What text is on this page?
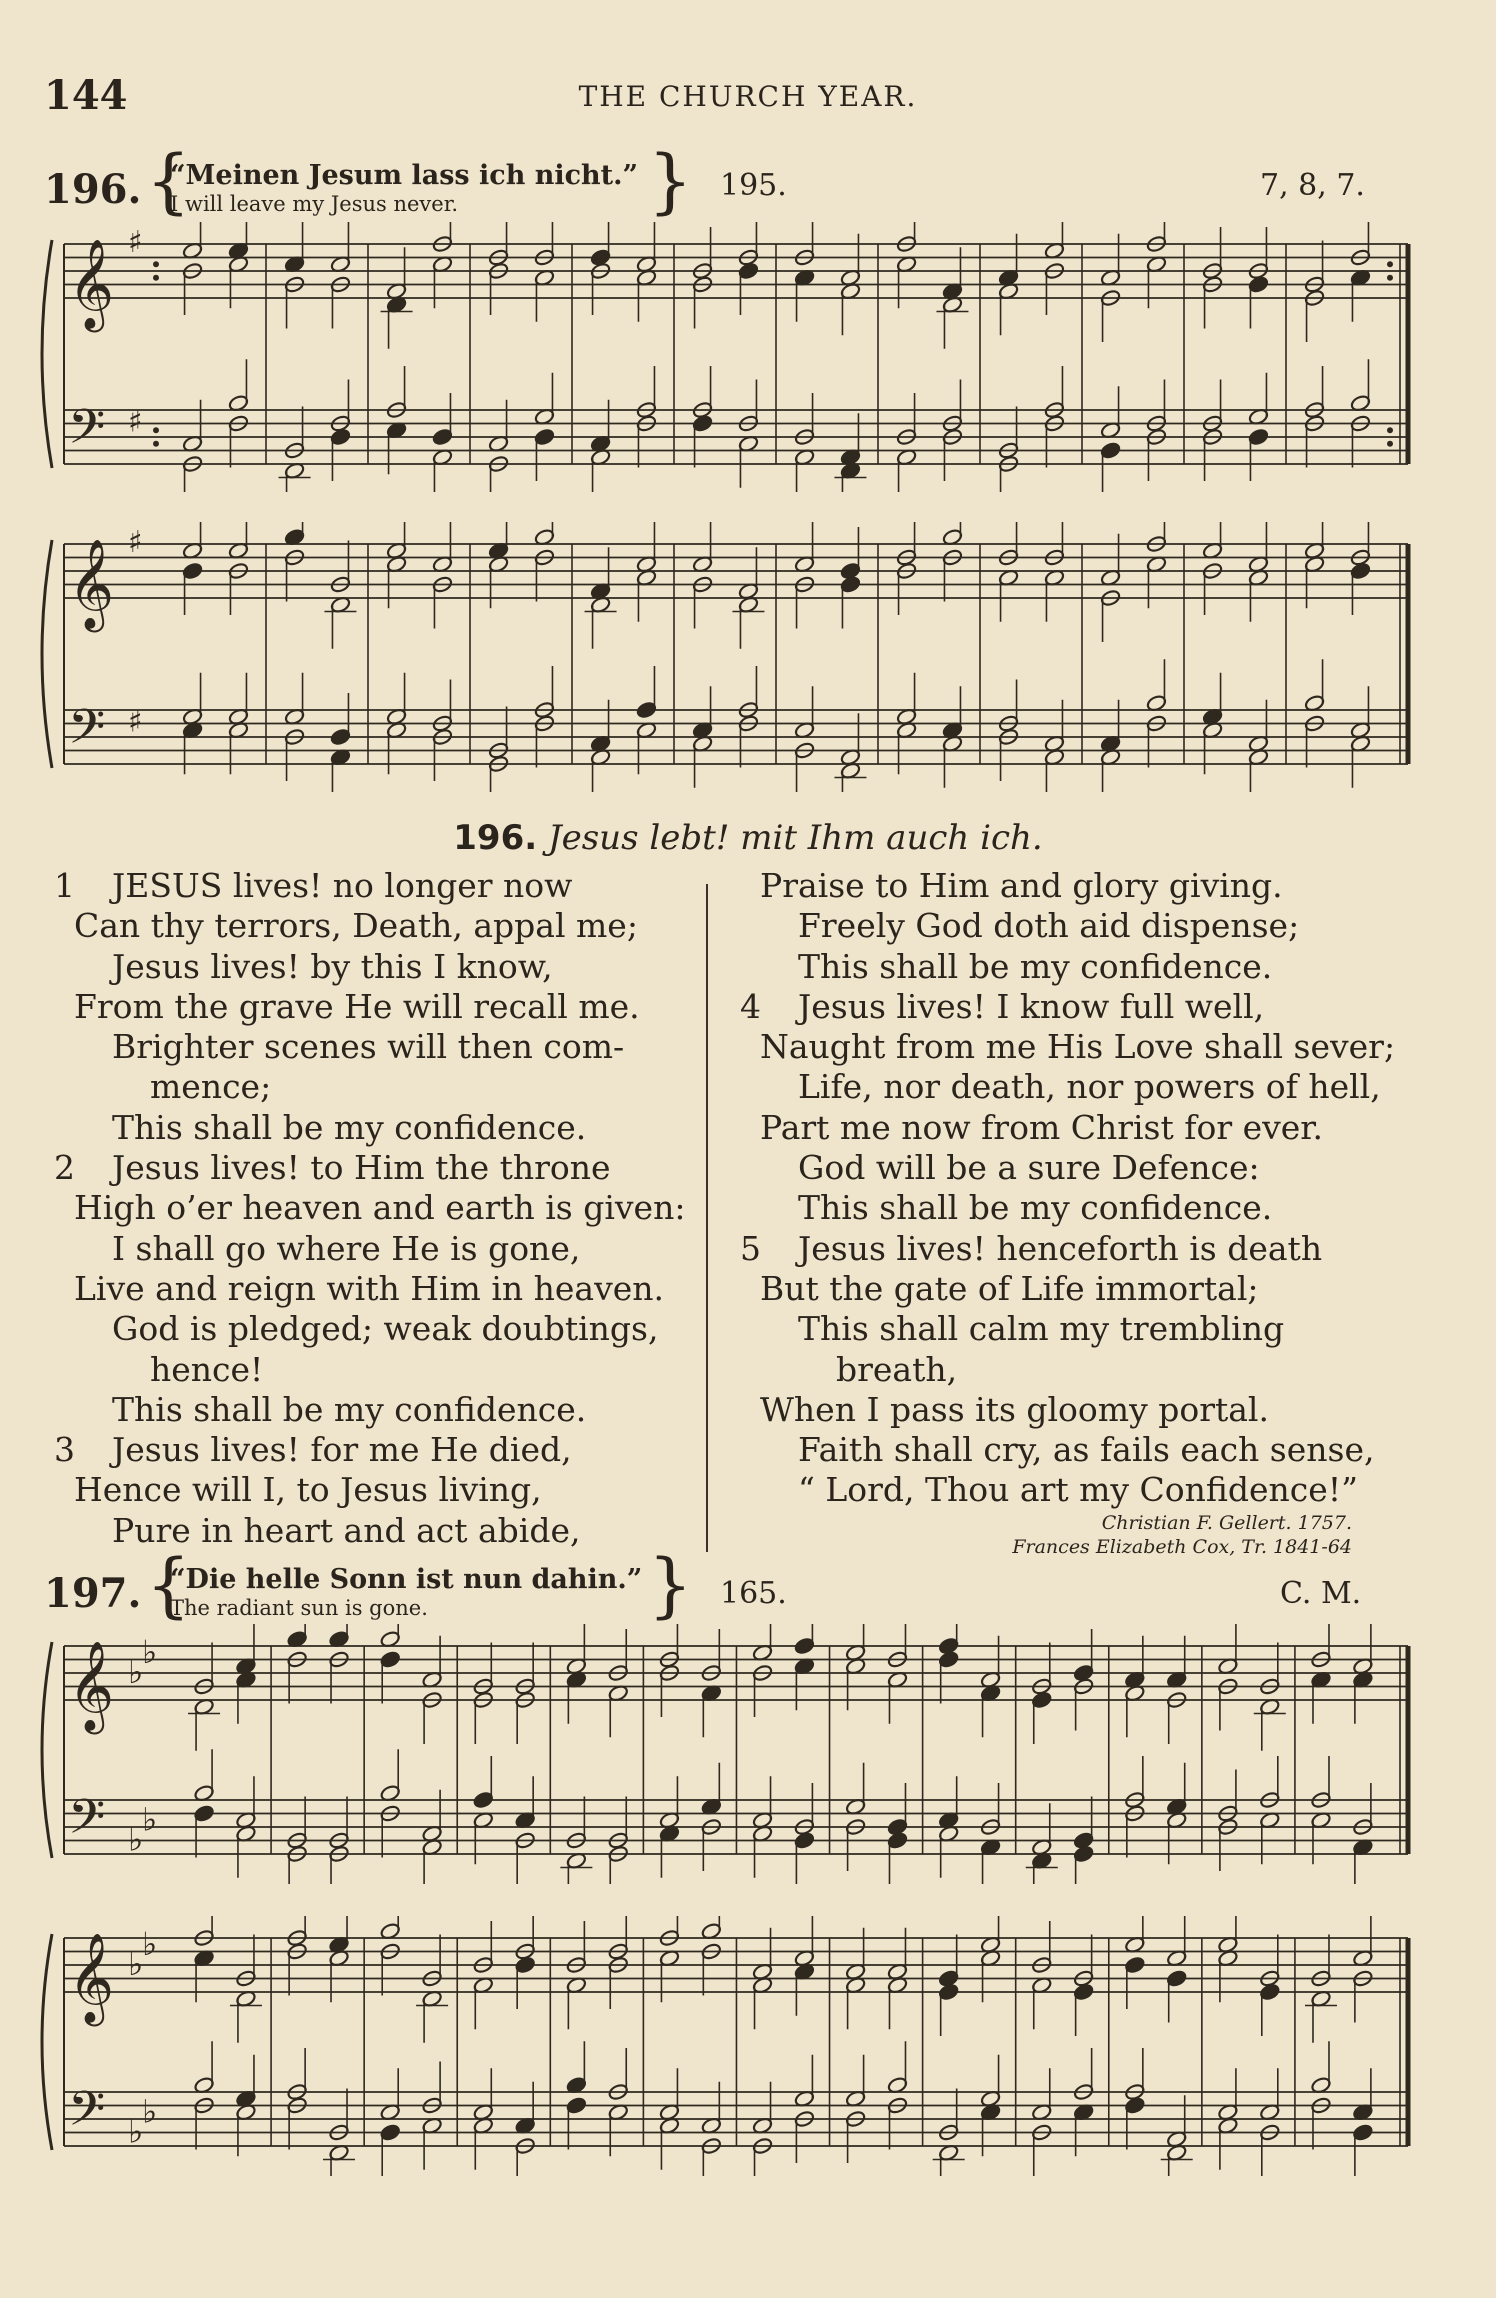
144	THE CHURCH YEAR.
196. {
“Meinen Jesum lass ich nicht.”
I will leave my Jesus never.	} 195.	7, 8, 7.
𝄞
𝄢
♯
♯
𝄞
𝄢
♯
♯
196. Jesus lebt! mit Ihm auch ich.
1 JESUS lives! no longer now
Can thy terrors, Death, appal me;
Jesus lives! by this I know,
From the grave He will recall me.
Brighter scenes will then com-
mence;
This shall be my confidence.
2 Jesus lives! to Him the throne
High o’er heaven and earth is given:
I shall go where He is gone,
Live and reign with Him in heaven.
God is pledged; weak doubtings,
hence!
This shall be my confidence.
3 Jesus lives! for me He died,
Hence will I, to Jesus living,
Pure in heart and act abide,
Praise to Him and glory giving.
Freely God doth aid dispense;
This shall be my confidence.
4 Jesus lives! I know full well,
Naught from me His Love shall sever;
Life, nor death, nor powers of hell,
Part me now from Christ for ever.
God will be a sure Defence:
This shall be my confidence.
5 Jesus lives! henceforth is death
But the gate of Life immortal;
This shall calm my trembling
breath,
When I pass its gloomy portal.
Faith shall cry, as fails each sense,
“ Lord, Thou art my Confidence!”
Christian F. Gellert. 1757.
Frances Elizabeth Cox, Tr. 1841-64
197. {
“Die helle Sonn ist nun dahin.”
The radiant sun is gone.	} 165.	C. M.
𝄞
𝄢
♭
♭
♭
♭
𝄞
𝄢
♭
♭
♭
♭
